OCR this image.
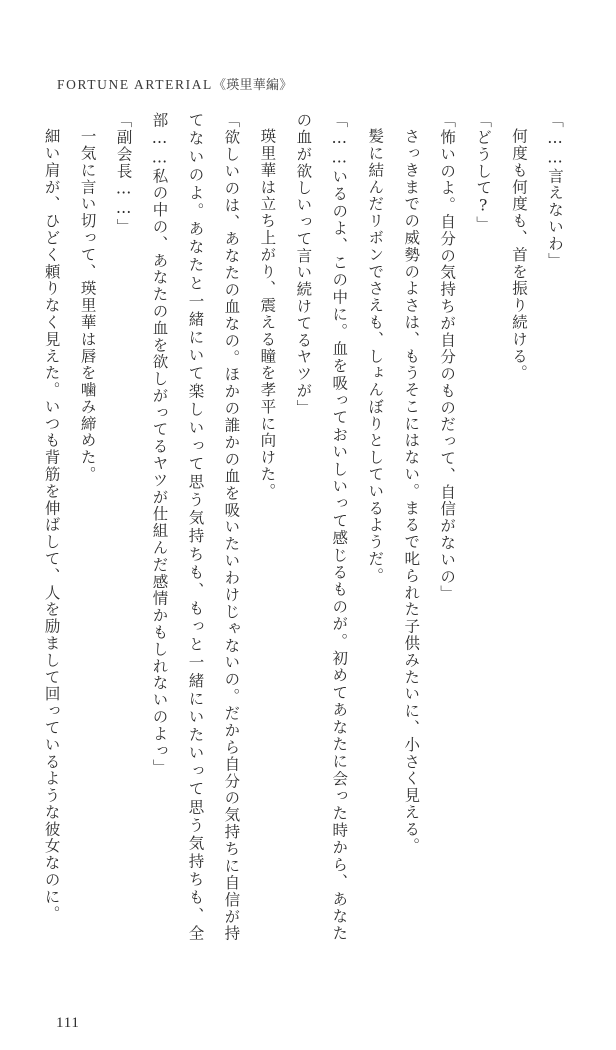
FORTUNE ARTERIAL《瑛里華編》

「……言えないわ」

何度も何度も、首を振り続ける。

「どうして?」

「怖いのよ。自分の気持ちが自分のものだって、自信がないの」

さっきまでの威勢のよさは、もうそこにはない。まるで叱られた子供みたいに、小さく見える。

髪に結んだリボンでさえも、しょんぼりとしているようだ。

「……いるのよ、この中に。血を吸っておいしいって感じるものが。初めてあなたに会った時から、あなたの血が欲しいって言い続けてるヤツが」

瑛里華は立ち上がり、震える瞳を孝平に向けた。

「欲しいのは、あなたの血なの。ほかの誰かの血を吸いたいわけじゃないの。だから自分の気持ちに自信が持てないのよ。あなたと一緒にいて楽しいって思う気持ちも、もっと一緒にいたいって思う気持ちも、全部……私の中の、あなたの血を欲しがってるヤツが仕組んだ感情かもしれないのよっ」

「副会長……」

一気に言い切って、瑛里華は唇を噛み締めた。

細い肩が、ひどく頼りなく見えた。いつも背筋を伸ばして、人を励まして回っているような彼女なのに。

111
